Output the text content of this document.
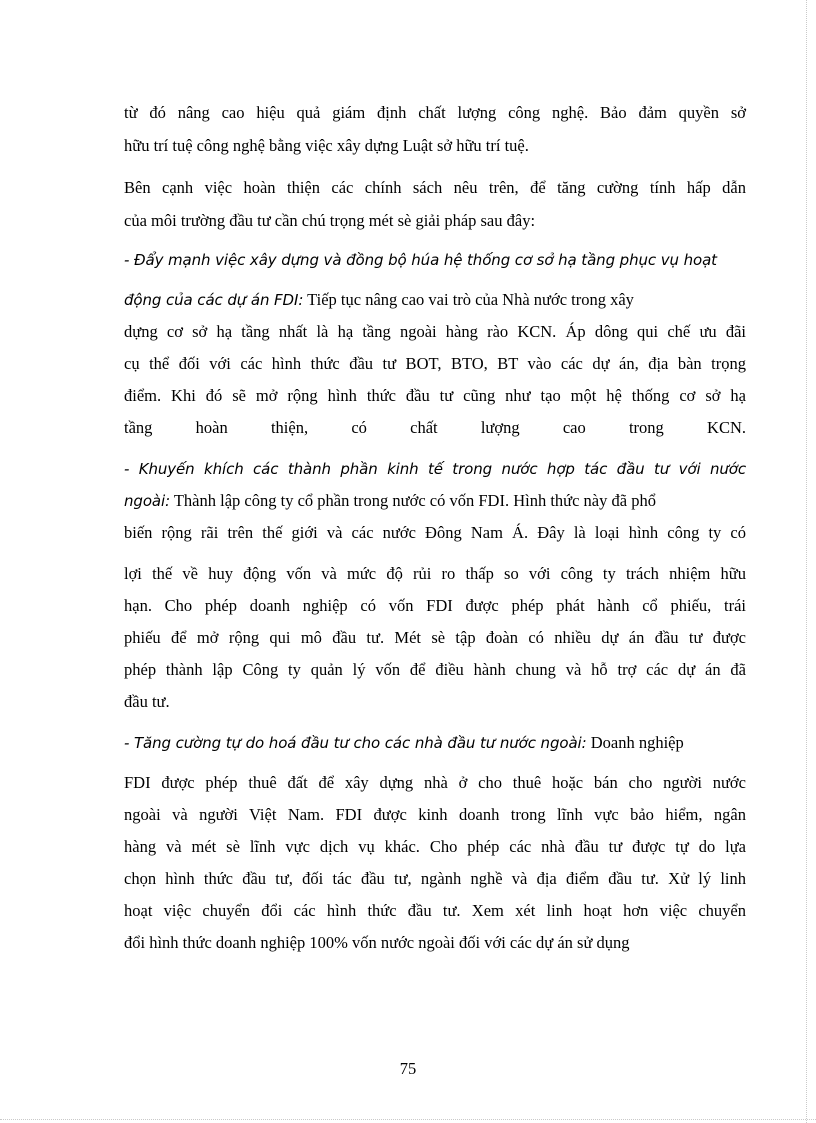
từ đó nâng cao hiệu quả giám định chất lượng công nghệ. Bảo đảm quyền sở
hữu trí tuệ công nghệ bằng việc xây dựng Luật sở hữu trí tuệ.
Bên cạnh việc hoàn thiện các chính sách nêu trên, để tăng cường tính hấp dẫn
của môi trường đầu tư cần chú trọng mét sè giải pháp sau đây:
- Đẩy mạnh việc xây dựng và đồng bộ húa hệ thống cơ sở hạ tầng phục vụ hoạt
động của các dự án FDI: Tiếp tục nâng cao vai trò của Nhà nước trong xây
dựng cơ sở hạ tầng nhất là hạ tầng ngoài hàng rào KCN. Áp dông qui chế ưu đãi
cụ thể đối với các hình thức đầu tư BOT, BTO, BT vào các dự án, địa bàn trọng
điểm. Khi đó sẽ mở rộng hình thức đầu tư cũng như tạo một hệ thống cơ sở hạ
tầng hoàn thiện, có chất lượng cao trong KCN.
- Khuyến khích các thành phần kinh tế trong nước hợp tác đầu tư với nước
ngoài: Thành lập công ty cổ phần trong nước có vốn FDI. Hình thức này đã phổ
biến rộng rãi trên thế giới và các nước Đông Nam Á. Đây là loại hình công ty có
lợi thế về huy động vốn và mức độ rủi ro thấp so với công ty trách nhiệm hữu
hạn. Cho phép doanh nghiệp có vốn FDI được phép phát hành cổ phiếu, trái
phiếu để mở rộng qui mô đầu tư. Mét sè tập đoàn có nhiều dự án đầu tư được
phép thành lập Công ty quản lý vốn để điều hành chung và hỗ trợ các dự án đã
đầu tư.
- Tăng cường tự do hoá đầu tư cho các nhà đầu tư nước ngoài: Doanh nghiệp
FDI được phép thuê đất để xây dựng nhà ở cho thuê hoặc bán cho người nước
ngoài và người Việt Nam. FDI được kinh doanh trong lĩnh vực bảo hiểm, ngân
hàng và mét sè lĩnh vực dịch vụ khác. Cho phép các nhà đầu tư được tự do lựa
chọn hình thức đầu tư, đối tác đầu tư, ngành nghề và địa điểm đầu tư. Xử lý linh
hoạt việc chuyển đổi các hình thức đầu tư. Xem xét linh hoạt hơn việc chuyển
đổi hình thức doanh nghiệp 100% vốn nước ngoài đối với các dự án sử dụng
75
